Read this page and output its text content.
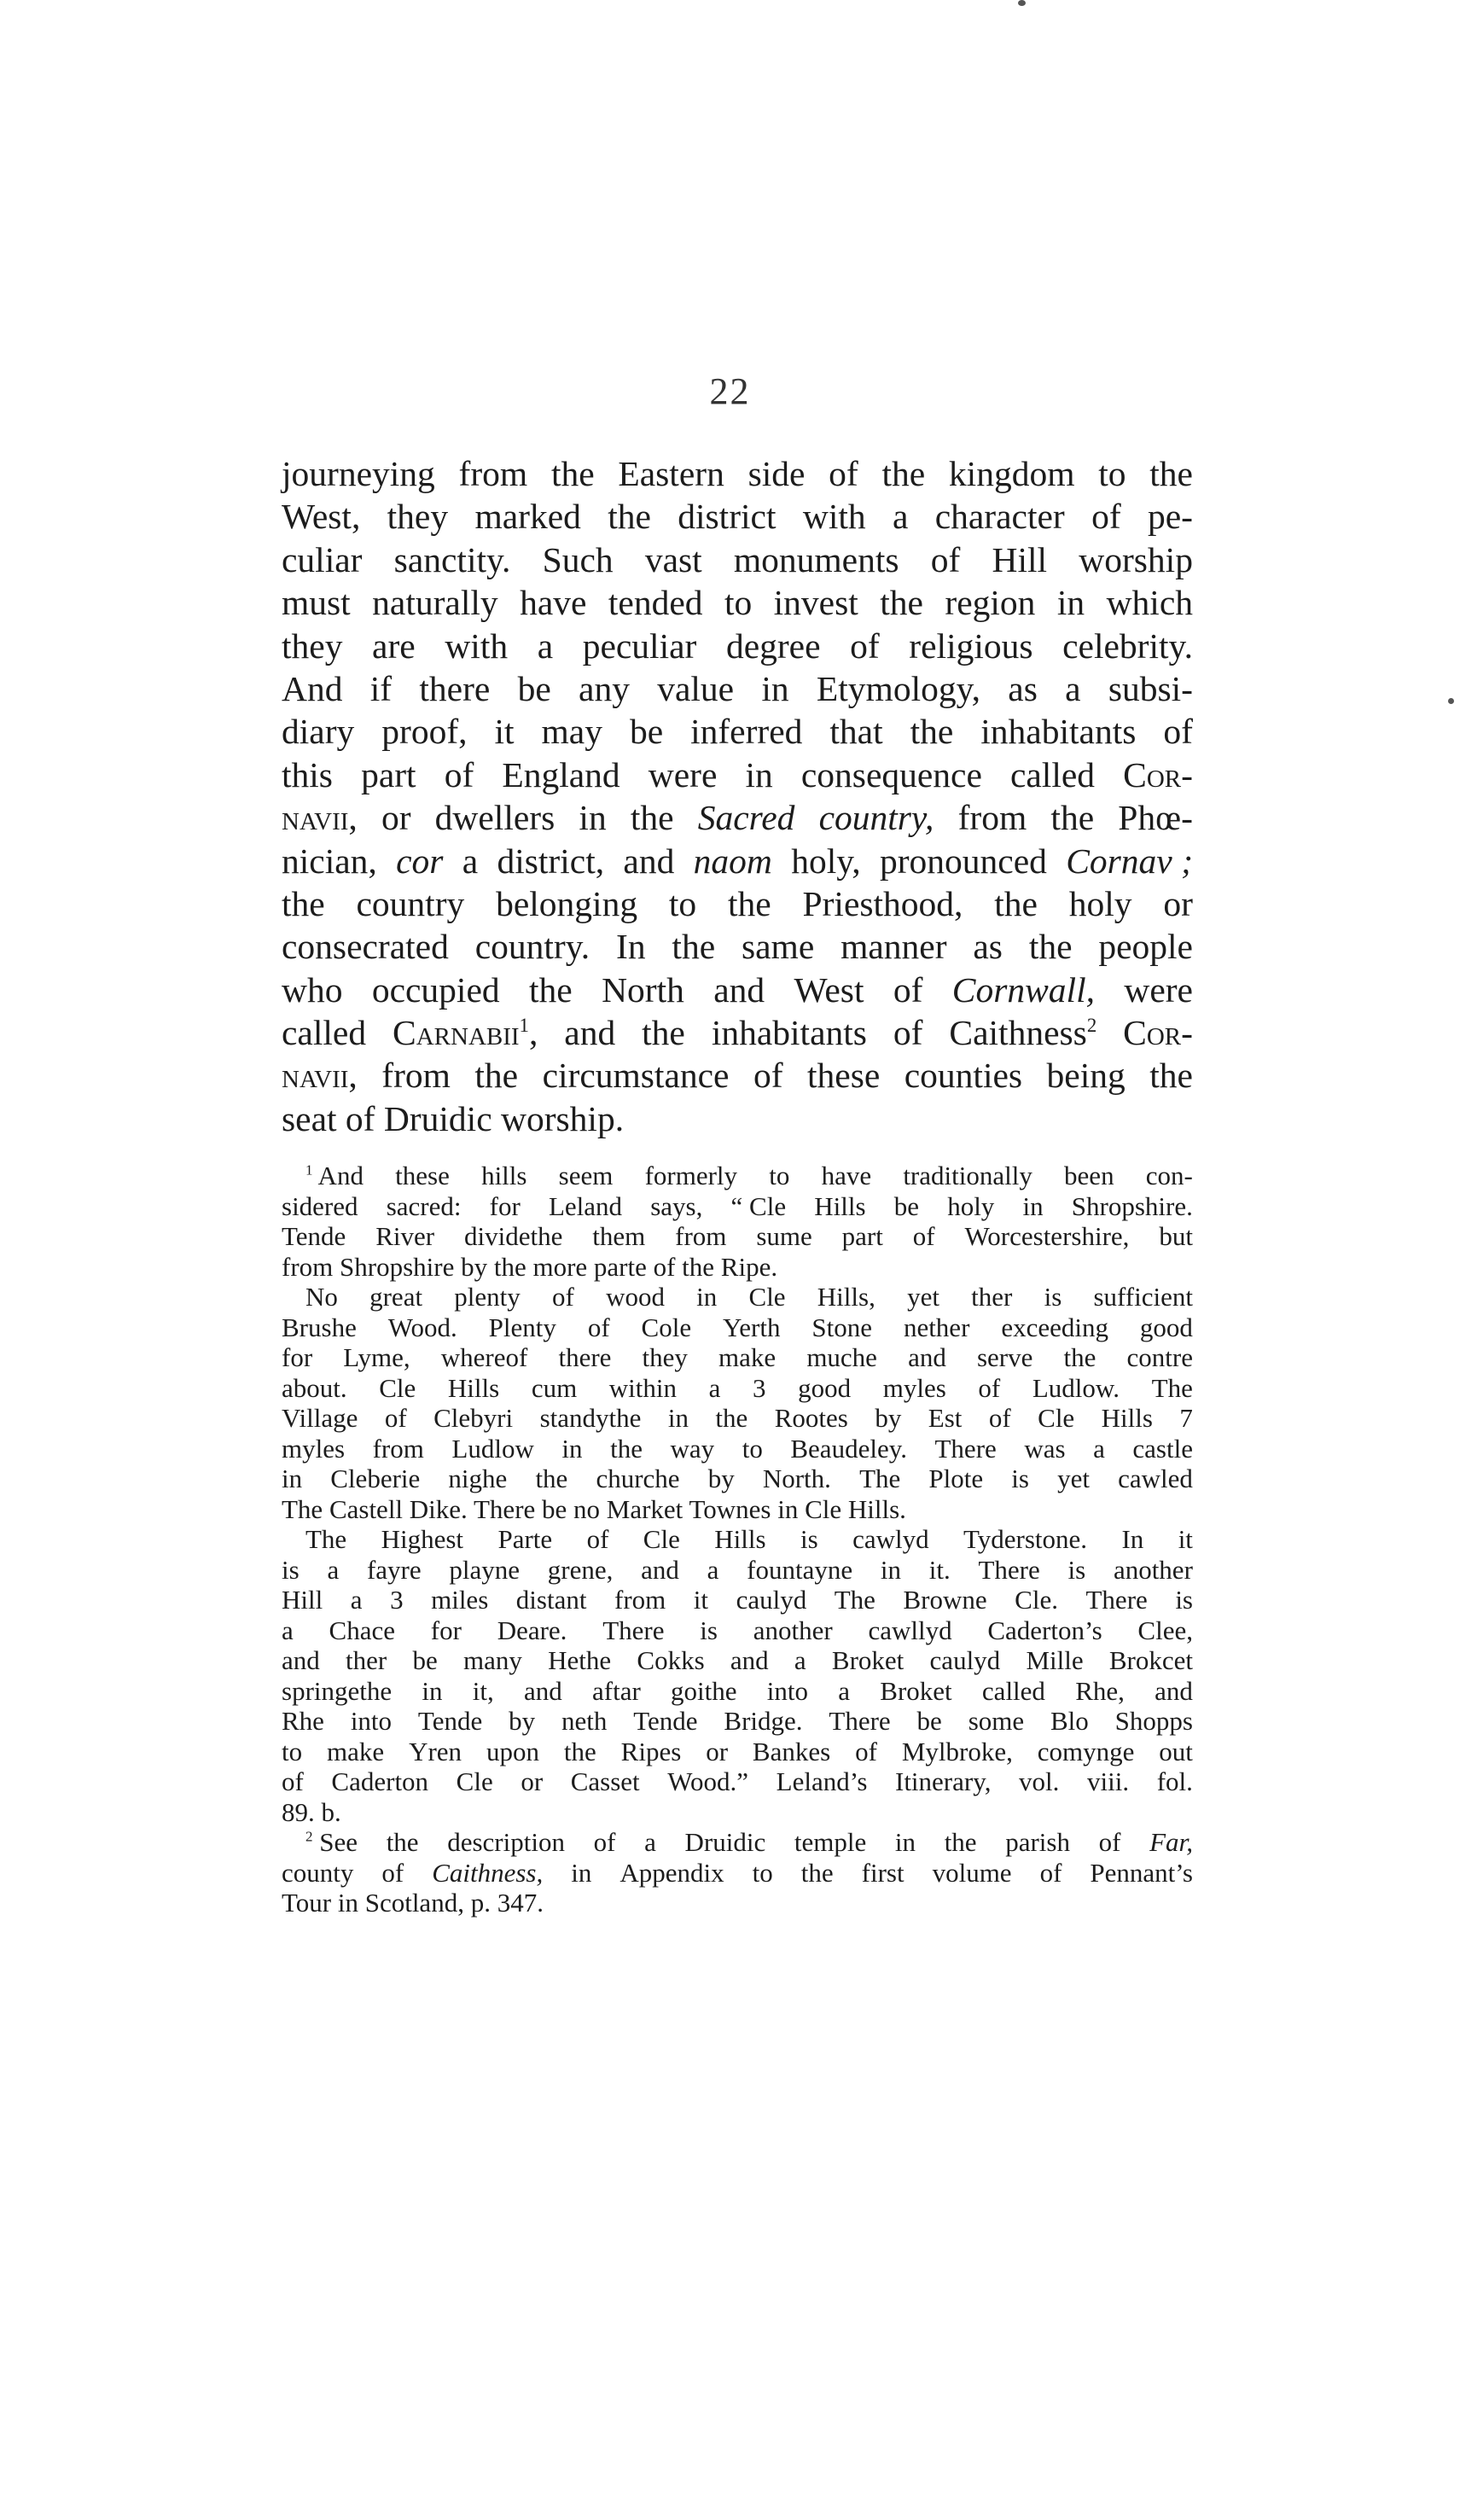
22
journeying from the Eastern side of the kingdom to the
West, they marked the district with a character of pe-
culiar sanctity. Such vast monuments of Hill worship
must naturally have tended to invest the region in which
they are with a peculiar degree of religious celebrity.
And if there be any value in Etymology, as a subsi-
diary proof, it may be inferred that the inhabitants of
this part of England were in consequence called Cor-
navii, or dwellers in the Sacred country, from the Phœ-
nician, cor a district, and naom holy, pronounced Cornav ;
the country belonging to the Priesthood, the holy or
consecrated country. In the same manner as the people
who occupied the North and West of Cornwall, were
called Carnabii$^1$, and the inhabitants of Caithness$^2$ Cor-
navii, from the circumstance of these counties being the
seat of Druidic worship.
$^1$ And these hills seem formerly to have traditionally been con-
sidered sacred: for Leland says, “ Cle Hills be holy in Shropshire.
Tende River dividethe them from sume part of Worcestershire, but
from Shropshire by the more parte of the Ripe.
No great plenty of wood in Cle Hills, yet ther is sufficient
Brushe Wood. Plenty of Cole Yerth Stone nether exceeding good
for Lyme, whereof there they make muche and serve the contre
about. Cle Hills cum within a 3 good myles of Ludlow. The
Village of Clebyri standythe in the Rootes by Est of Cle Hills 7
myles from Ludlow in the way to Beaudeley. There was a castle
in Cleberie nighe the churche by North. The Plote is yet cawled
The Castell Dike. There be no Market Townes in Cle Hills.
The Highest Parte of Cle Hills is cawlyd Tyderstone. In it
is a fayre playne grene, and a fountayne in it. There is another
Hill a 3 miles distant from it caulyd The Browne Cle. There is
a Chace for Deare. There is another cawllyd Caderton’s Clee,
and ther be many Hethe Cokks and a Broket caulyd Mille Brokcet
springethe in it, and aftar goithe into a Broket called Rhe, and
Rhe into Tende by neth Tende Bridge. There be some Blo Shopps
to make Yren upon the Ripes or Bankes of Mylbroke, comynge out
of Caderton Cle or Casset Wood.” Leland’s Itinerary, vol. viii. fol.
89. b.
$^2$ See the description of a Druidic temple in the parish of Far,
county of Caithness, in Appendix to the first volume of Pennant’s
Tour in Scotland, p. 347.
